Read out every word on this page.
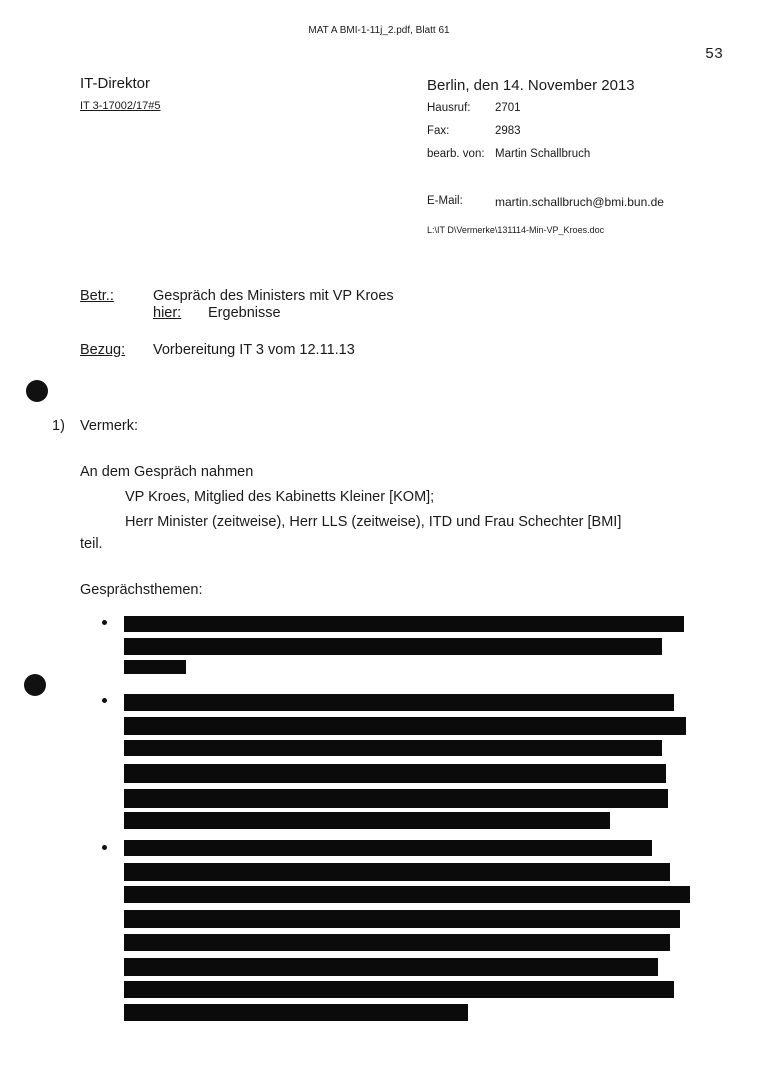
MAT A BMI-1-11j_2.pdf, Blatt 61
53
IT-Direktor
IT 3-17002/17#5
Berlin, den 14. November 2013
Hausruf: 2701
Fax:	2983
bearb. von: Martin Schallbruch
E-Mail:	martin.schallbruch@bmi.bun.de
L:\IT D\Vermerke\131114-Min-VP_Kroes.doc
Betr.:	Gespräch des Ministers mit VP Kroes
hier: Ergebnisse
Bezug: Vorbereitung IT 3 vom 12.11.13
1) Vermerk:
An dem Gespräch nahmen
VP Kroes, Mitglied des Kabinetts Kleiner [KOM];
Herr Minister (zeitweise), Herr LLS (zeitweise), ITD und Frau Schechter [BMI]
teil.
Gesprächsthemen:
